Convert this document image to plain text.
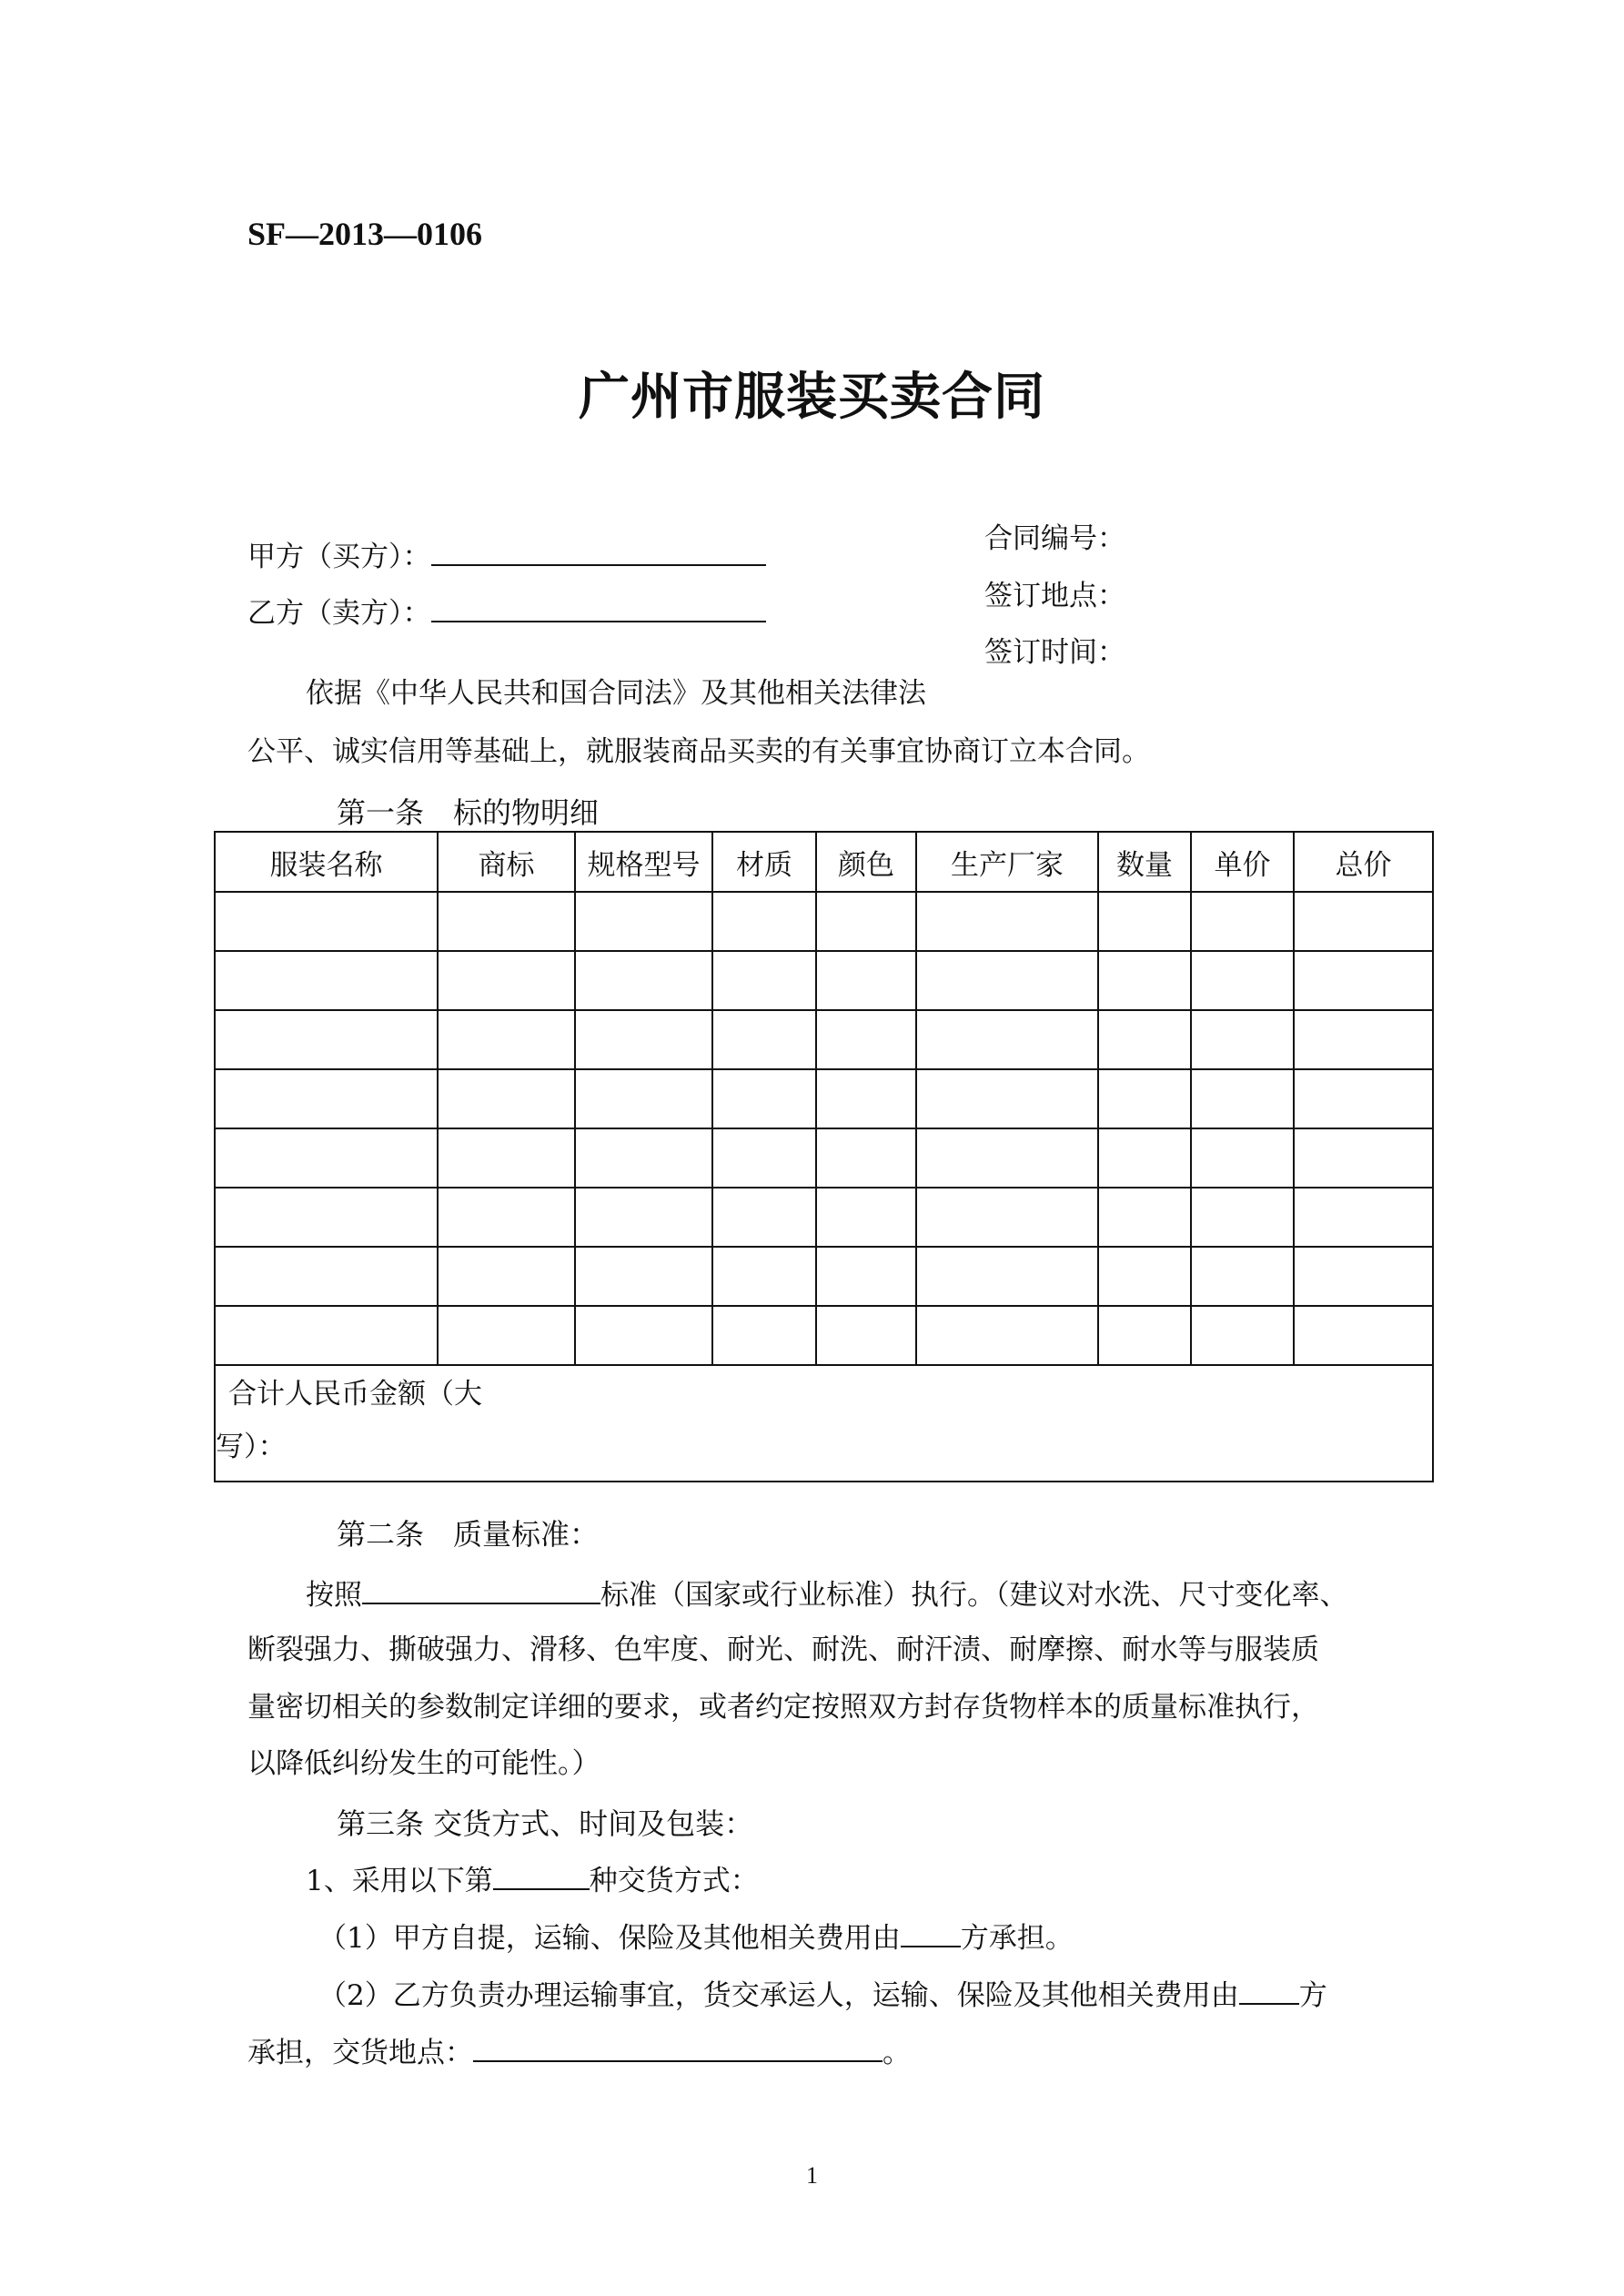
SF—2013—0106
广州市服装买卖合同
甲方（买方）：
乙方（卖方）：
合同编号：
签订地点：
签订时间：
依据《中华人民共和国合同法》及其他相关法律法
公平、诚实信用等基础上，就服装商品买卖的有关事宜协商订立本合同。
第一条　标的物明细
服装名称	商标	规格型号	材质	颜色	生产厂家	数量	单价	总价

合计人民币金额（大
写）：								
第二条　质量标准：
按照	标准（国家或行业标准）执行。（建议对水洗、尺寸变化率、
断裂强力、撕破强力、滑移、色牢度、耐光、耐洗、耐汗渍、耐摩擦、耐水等与服装质
量密切相关的参数制定详细的要求，或者约定按照双方封存货物样本的质量标准执行，
以降低纠纷发生的可能性。）
第三条 交货方式、时间及包装：
1、采用以下第	种交货方式：
（1）甲方自提，运输、保险及其他相关费用由 方承担。
（2）乙方负责办理运输事宜，货交承运人，运输、保险及其他相关费用由 方
承担，交货地点：	。
1
